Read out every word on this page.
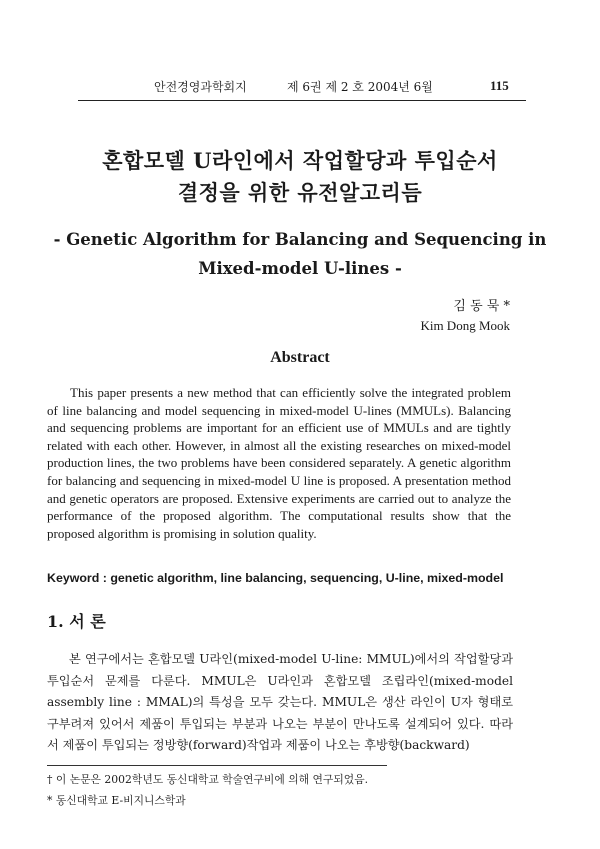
안전경영과학회지	제 6권 제 2 호 2004년 6월	115
혼합모델 U라인에서 작업할당과 투입순서
결정을 위한 유전알고리듬
- Genetic Algorithm for Balancing and Sequencing in
Mixed-model U-lines -
김 동 묵 *
Kim Dong Mook
Abstract

This paper presents a new method that can efficiently solve the integrated problem of line balancing and model sequencing in mixed-model U-lines (MMULs). Balancing and sequencing problems are important for an efficient use of MMULs and are tightly related with each other. However, in almost all the existing researches on mixed-model production lines, the two problems have been considered separately. A genetic algorithm for balancing and sequencing in mixed-model U line is proposed. A presentation method and genetic operators are proposed. Extensive experiments are carried out to analyze the performance of the proposed algorithm. The computational results show that the proposed algorithm is promising in solution quality.

Keyword : genetic algorithm, line balancing, sequencing, U-line, mixed-model
1. 서 론

본 연구에서는 혼합모델 U라인(mixed-model U-line: MMUL)에서의 작업할당과 투입순서 문제를 다룬다. MMUL은 U라인과 혼합모델 조립라인(mixed-model assembly line : MMAL)의 특성을 모두 갖는다. MMUL은 생산 라인이 U자 형태로 구부려져 있어서 제품이 투입되는 부분과 나오는 부분이 만나도록 설계되어 있다. 따라서 제품이 투입되는 정방향(forward)작업과 제품이 나오는 후방향(backward)

† 이 논문은 2002학년도 동신대학교 학술연구비에 의해 연구되었음.
* 동신대학교 E-비지니스학과
